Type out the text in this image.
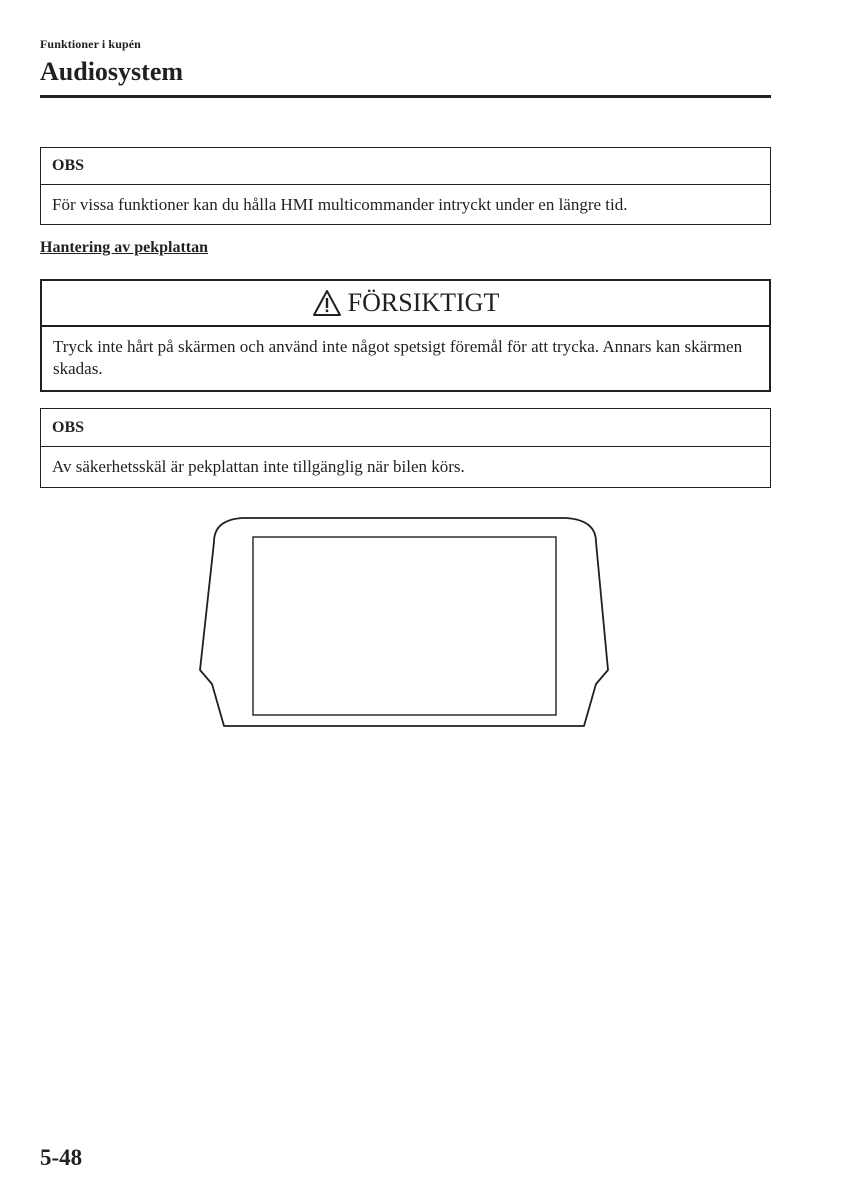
Funktioner i kupén
Audiosystem
OBS
För vissa funktioner kan du hålla HMI multicommander intryckt under en längre tid.
Hantering av pekplattan
FÖRSIKTIGT
Tryck inte hårt på skärmen och använd inte något spetsigt föremål för att trycka. Annars kan skärmen skadas.
OBS
Av säkerhetsskäl är pekplattan inte tillgänglig när bilen körs.
5-48
